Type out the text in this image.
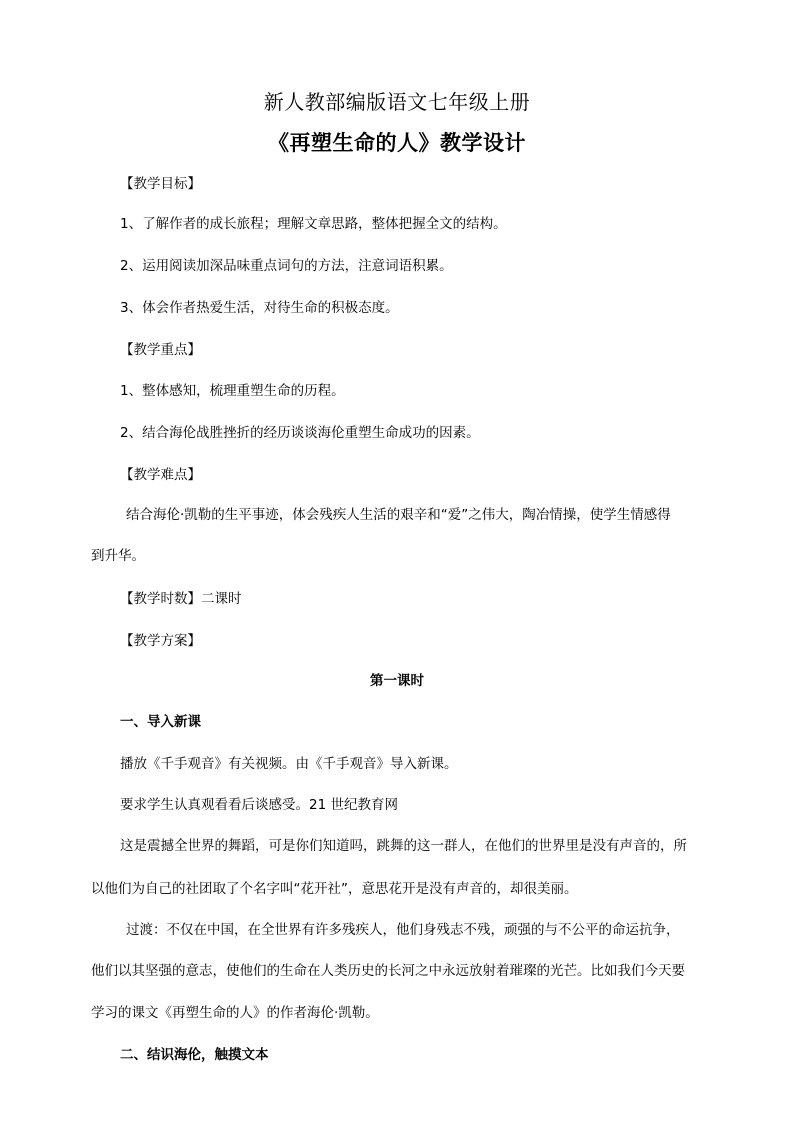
新人教部编版语文七年级上册
《再塑生命的人》教学设计
【教学目标】
1、了解作者的成长旅程；理解文章思路，整体把握全文的结构。
2、运用阅读加深品味重点词句的方法，注意词语积累。
3、体会作者热爱生活，对待生命的积极态度。
【教学重点】
1、整体感知，梳理重塑生命的历程。
2、结合海伦战胜挫折的经历谈谈海伦重塑生命成功的因素。
【教学难点】
结合海伦·凯勒的生平事迹，体会残疾人生活的艰辛和“爱”之伟大，陶冶情操，使学生情感得
到升华。
【教学时数】二课时
【教学方案】
第一课时
一、导入新课
播放《千手观音》有关视频。由《千手观音》导入新课。
要求学生认真观看看后谈感受。21 世纪教育网
这是震撼全世界的舞蹈，可是你们知道吗，跳舞的这一群人，在他们的世界里是没有声音的，所
以他们为自己的社团取了个名字叫“花开社”，意思花开是没有声音的，却很美丽。
过渡：不仅在中国，在全世界有许多残疾人，他们身残志不残，顽强的与不公平的命运抗争，
他们以其坚强的意志，使他们的生命在人类历史的长河之中永远放射着璀璨的光芒。比如我们今天要
学习的课文《再塑生命的人》的作者海伦·凯勒。
二、结识海伦，触摸文本
